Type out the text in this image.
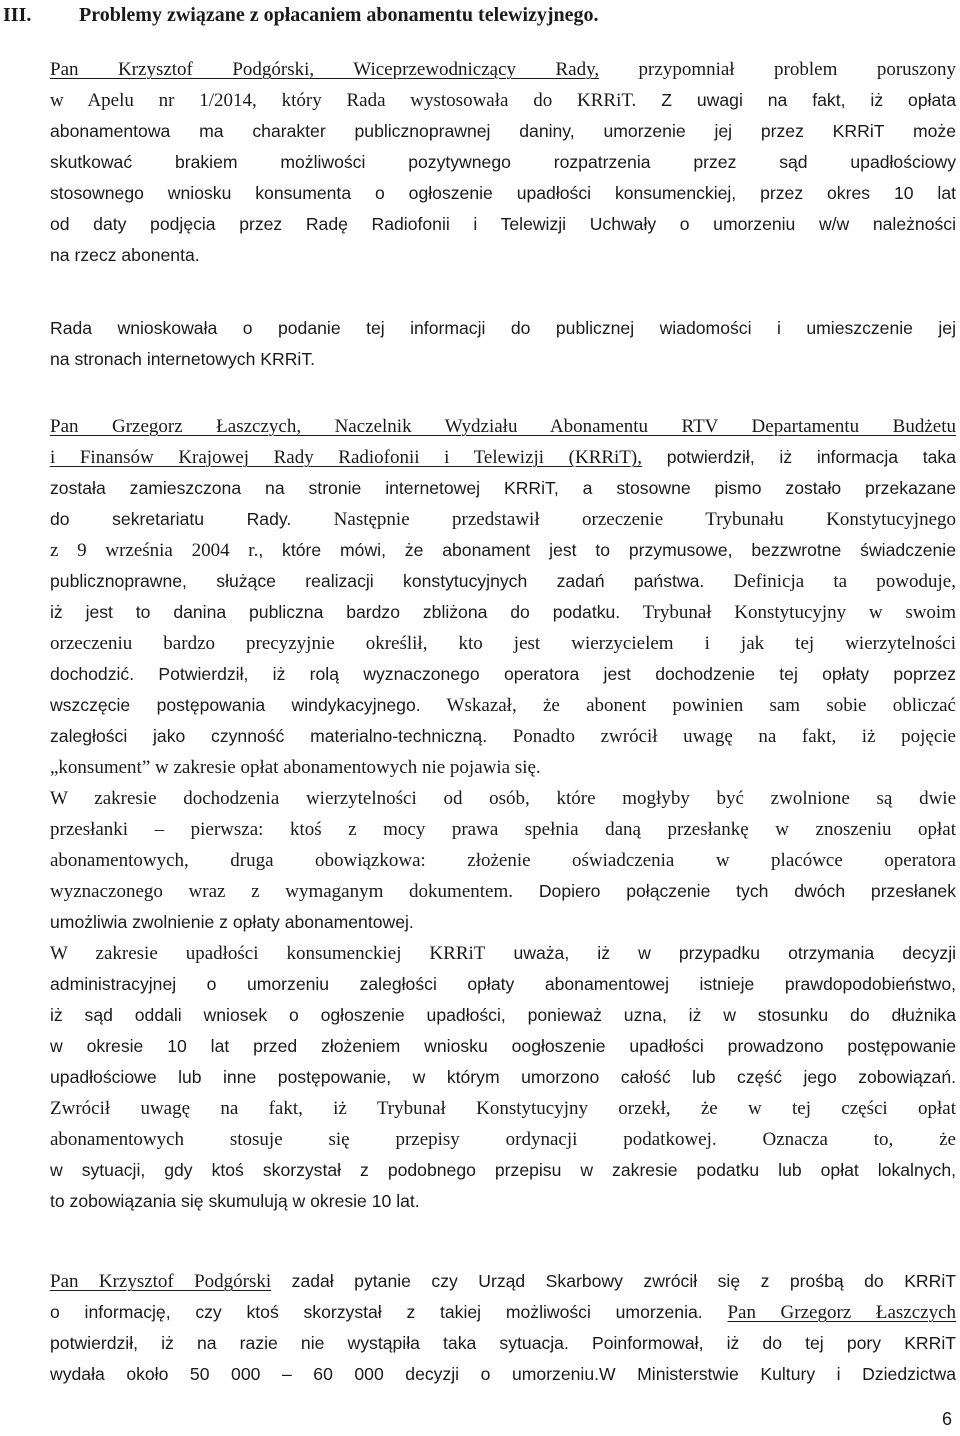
III. Problemy związane z opłacaniem abonamentu telewizyjnego.
Pan Krzysztof Podgórski, Wiceprzewodniczący Rady, przypomniał problem poruszony
w Apelu nr 1/2014, który Rada wystosowała do KRRiT. Z uwagi na fakt, iż opłata
abonamentowa ma charakter publicznoprawnej daniny, umorzenie jej przez KRRiT może
skutkować brakiem możliwości pozytywnego rozpatrzenia przez sąd upadłościowy
stosownego wniosku konsumenta o ogłoszenie upadłości konsumenckiej, przez okres 10 lat
od daty podjęcia przez Radę Radiofonii i Telewizji Uchwały o umorzeniu w/w należności
na rzecz abonenta.
Rada wnioskowała o podanie tej informacji do publicznej wiadomości i umieszczenie jej
na stronach internetowych KRRiT.
Pan Grzegorz Łaszczych, Naczelnik Wydziału Abonamentu RTV Departamentu Budżetu
i Finansów Krajowej Rady Radiofonii i Telewizji (KRRiT), potwierdził, iż informacja taka
została zamieszczona na stronie internetowej KRRiT, a stosowne pismo zostało przekazane
do sekretariatu Rady. Następnie przedstawił orzeczenie Trybunału Konstytucyjnego
z 9 września 2004 r., które mówi, że abonament jest to przymusowe, bezzwrotne świadczenie
publicznoprawne, służące realizacji konstytucyjnych zadań państwa. Definicja ta powoduje,
iż jest to danina publiczna bardzo zbliżona do podatku. Trybunał Konstytucyjny w swoim
orzeczeniu bardzo precyzyjnie określił, kto jest wierzycielem i jak tej wierzytelności
dochodzić. Potwierdził, iż rolą wyznaczonego operatora jest dochodzenie tej opłaty poprzez
wszczęcie postępowania windykacyjnego. Wskazał, że abonent powinien sam sobie obliczać
zaległości jako czynność materialno-techniczną. Ponadto zwrócił uwagę na fakt, iż pojęcie
„konsument” w zakresie opłat abonamentowych nie pojawia się.
W zakresie dochodzenia wierzytelności od osób, które mogłyby być zwolnione są dwie
przesłanki – pierwsza: ktoś z mocy prawa spełnia daną przesłankę w znoszeniu opłat
abonamentowych, druga obowiązkowa: złożenie oświadczenia w placówce operatora
wyznaczonego wraz z wymaganym dokumentem. Dopiero połączenie tych dwóch przesłanek
umożliwia zwolnienie z opłaty abonamentowej.
W zakresie upadłości konsumenckiej KRRiT uważa, iż w przypadku otrzymania decyzji
administracyjnej o umorzeniu zaległości opłaty abonamentowej istnieje prawdopodobieństwo,
iż sąd oddali wniosek o ogłoszenie upadłości, ponieważ uzna, iż w stosunku do dłużnika
w okresie 10 lat przed złożeniem wniosku oogłoszenie upadłości prowadzono postępowanie
upadłościowe lub inne postępowanie, w którym umorzono całość lub część jego zobowiązań.
Zwrócił uwagę na fakt, iż Trybunał Konstytucyjny orzekł, że w tej części opłat
abonamentowych stosuje się przepisy ordynacji podatkowej. Oznacza to, że
w sytuacji, gdy ktoś skorzystał z podobnego przepisu w zakresie podatku lub opłat lokalnych,
to zobowiązania się skumulują w okresie 10 lat.
Pan Krzysztof Podgórski zadał pytanie czy Urząd Skarbowy zwrócił się z prośbą do KRRiT
o informację, czy ktoś skorzystał z takiej możliwości umorzenia. Pan Grzegorz Łaszczych
potwierdził, iż na razie nie wystąpiła taka sytuacja. Poinformował, iż do tej pory KRRiT
wydała około 50 000 – 60 000 decyzji o umorzeniu.W Ministerstwie Kultury i Dziedzictwa
6
